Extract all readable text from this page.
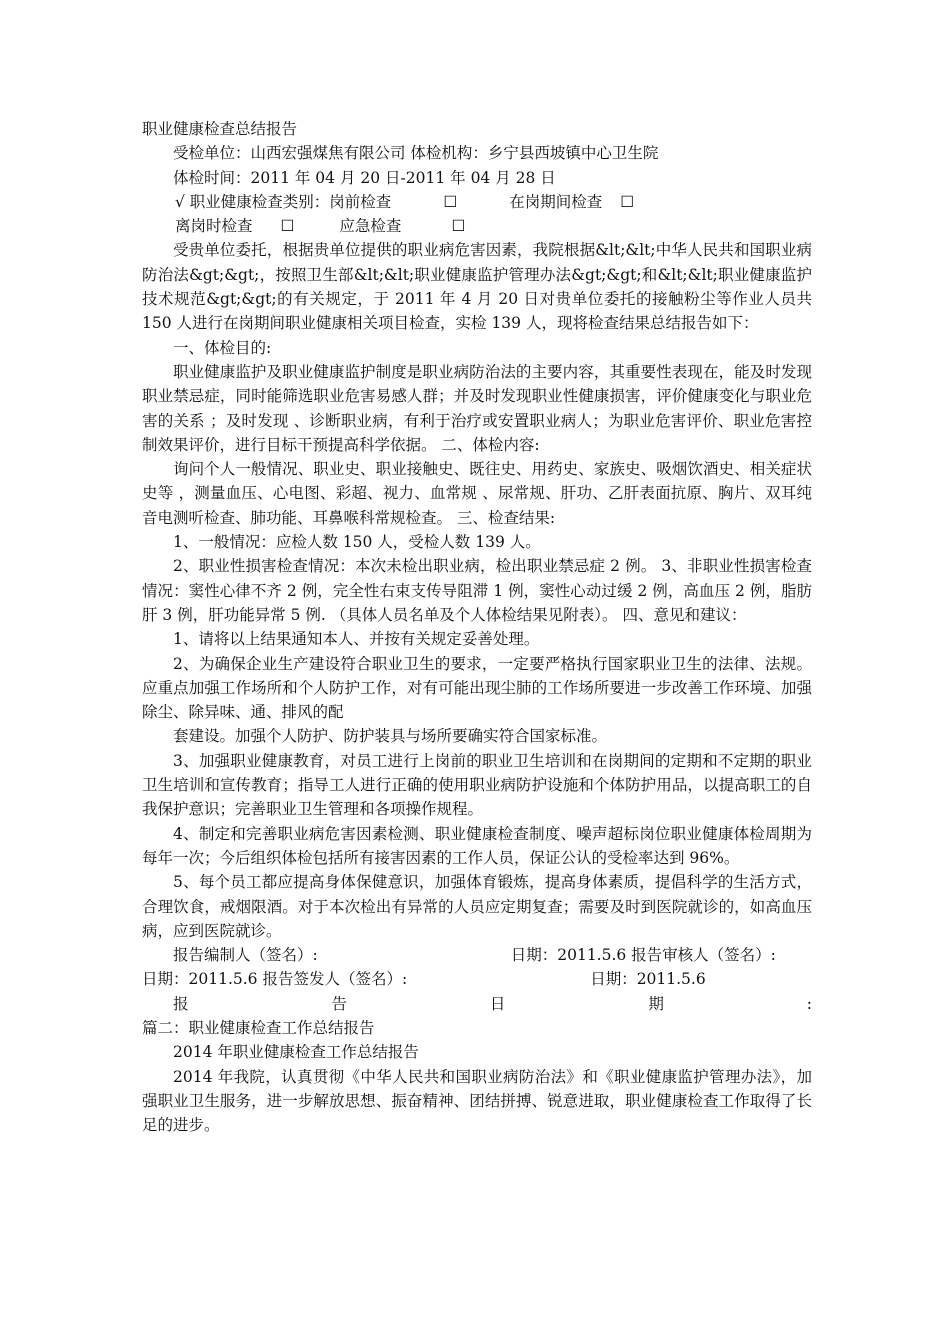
职业健康检查总结报告

受检单位：山西宏强煤焦有限公司 体检机构：乡宁县西坡镇中心卫生院

体检时间：2011 年 04 月 20 日-2011 年 04 月 28 日

√ 职业健康检查类别：岗前检查	☐	在岗期间检查 ☐
离岗时检查 ☐	应急检查	☐

受贵单位委托，根据贵单位提供的职业病危害因素，我院根据&lt;&lt;中华人民共和国职业病防治法&gt;&gt;，按照卫生部&lt;&lt;职业健康监护管理办法&gt;&gt;和&lt;&lt;职业健康监护技术规范&gt;&gt;的有关规定，于 2011 年 4 月 20 日对贵单位委托的接触粉尘等作业人员共 150 人进行在岗期间职业健康相关项目检查，实检 139 人，现将检查结果总结报告如下：

一、体检目的:

职业健康监护及职业健康监护制度是职业病防治法的主要内容，其重要性表现在，能及时发现职业禁忌症，同时能筛选职业危害易感人群；并及时发现职业性健康损害，评价健康变化与职业危害的关系 ；及时发现 、诊断职业病，有利于治疗或安置职业病人；为职业危害评价、职业危害控制效果评价，进行目标干预提高科学依据。 二、体检内容:

询问个人一般情况、职业史、职业接触史、既往史、用药史、家族史、吸烟饮酒史、相关症状史等 ，测量血压、心电图、彩超、视力、血常规 、尿常规、肝功、乙肝表面抗原、胸片、双耳纯音电测听检查、肺功能、耳鼻喉科常规检查。 三、检查结果:

1、一般情况：应检人数 150 人，受检人数 139 人。

2、职业性损害检查情况：本次未检出职业病，检出职业禁忌症 2 例。 3、非职业性损害检查情况：窦性心律不齐 2 例，完全性右束支传导阻滞 1 例，窦性心动过缓 2 例，高血压 2 例，脂肪肝 3 例，肝功能异常 5 例. （具体人员名单及个人体检结果见附表）。 四、意见和建议：

1、请将以上结果通知本人、并按有关规定妥善处理。

2、为确保企业生产建设符合职业卫生的要求，一定要严格执行国家职业卫生的法律、法规。应重点加强工作场所和个人防护工作，对有可能出现尘肺的工作场所要进一步改善工作环境、加强除尘、除异味、通、排风的配

套建设。加强个人防护、防护装具与场所要确实符合国家标准。

3、加强职业健康教育，对员工进行上岗前的职业卫生培训和在岗期间的定期和不定期的职业卫生培训和宣传教育；指导工人进行正确的使用职业病防护设施和个体防护用品，以提高职工的自我保护意识；完善职业卫生管理和各项操作规程。

4、制定和完善职业病危害因素检测、职业健康检查制度、噪声超标岗位职业健康体检周期为每年一次；今后组织体检包括所有接害因素的工作人员，保证公认的受检率达到 96%。

5、每个员工都应提高身体保健意识，加强体育锻炼，提高身体素质，提倡科学的生活方式，合理饮食，戒烟限酒。对于本次检出有异常的人员应定期复查；需要及时到医院就诊的，如高血压病，应到医院就诊。

报告编制人（签名）:	日期：2011.5.6 报告审核人（签名）:
日期：2011.5.6 报告签发人（签名）:	日期：2011.5.6
报	告	日	期	:

篇二：职业健康检查工作总结报告

2014 年职业健康检查工作总结报告

2014 年我院，认真贯彻《中华人民共和国职业病防治法》和《职业健康监护管理办法》，加强职业卫生服务，进一步解放思想、振奋精神、团结拼搏、锐意进取，职业健康检查工作取得了长足的进步。
